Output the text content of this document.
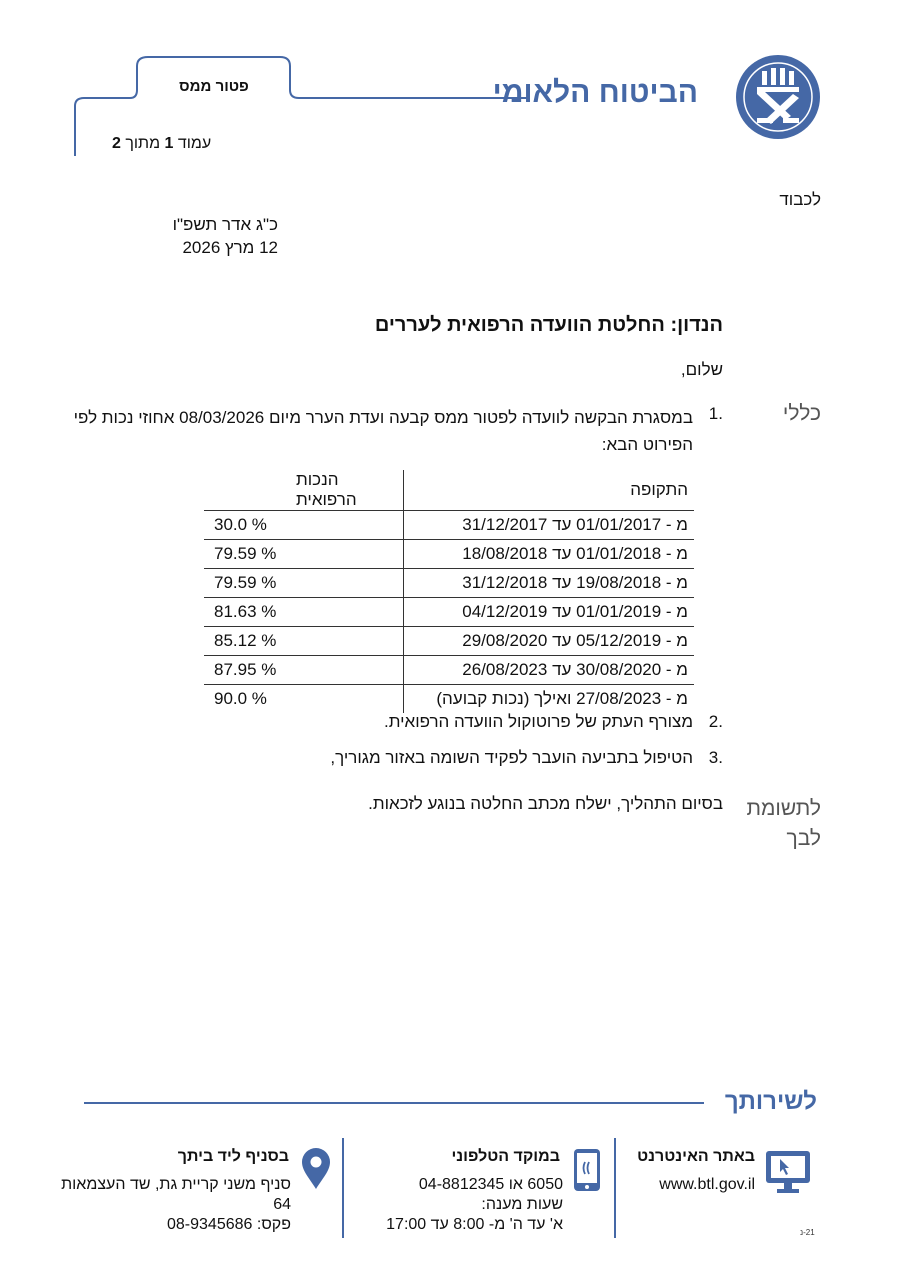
הביטוח הלאומי
פטור ממס
עמוד 1 מתוך 2
לכבוד
כ"ג אדר תשפ"ו
12 מרץ 2026
הנדון: החלטת הוועדה הרפואית לעררים
שלום,
כללי
.1
במסגרת הבקשה לוועדה לפטור ממס קבעה ועדת הערר מיום 08/03/2026 אחוזי נכות לפי הפירוט הבא:
התקופה	הנכות הרפואית
מ - 01/01/2017 עד 31/12/2017	30.0 %
מ - 01/01/2018 עד 18/08/2018	79.59 %
מ - 19/08/2018 עד 31/12/2018	79.59 %
מ - 01/01/2019 עד 04/12/2019	81.63 %
מ - 05/12/2019 עד 29/08/2020	85.12 %
מ - 30/08/2020 עד 26/08/2023	87.95 %
מ - 27/08/2023 ואילך (נכות קבועה)	90.0 %
.2
מצורף העתק של פרוטוקול הוועדה הרפואית.
.3
הטיפול בתביעה הועבר לפקיד השומה באזור מגוריך,
לתשומת לבך
בסיום התהליך, ישלח מכתב החלטה בנוגע לזכאות.
לשירותך
באתר האינטרנט
www.btl.gov.il
במוקד הטלפוני
6050 או 04-8812345
שעות מענה:
א' עד ה' מ- 8:00 עד 17:00
בסניף ליד ביתך
סניף משני קריית גת, שד העצמאות 64
פקס: 08-9345686	21-נ
